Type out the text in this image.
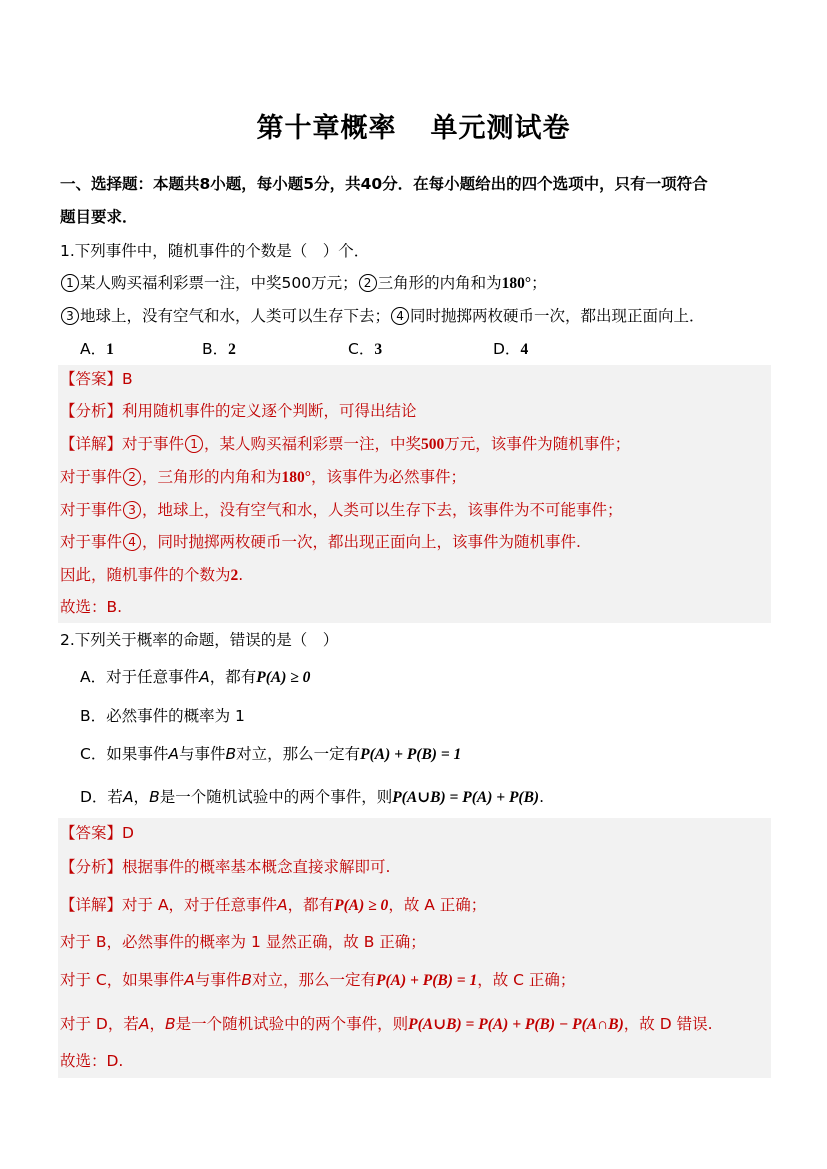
第十章概率 单元测试卷
一、选择题：本题共8小题，每小题5分，共40分．在每小题给出的四个选项中，只有一项符合
题目要求．
1.下列事件中，随机事件的个数是（　）个．
1 某人购买福利彩票一注，中奖500万元； 2 三角形的内角和为180°；
3 地球上，没有空气和水，人类可以生存下去； 4 同时抛掷两枚硬币一次，都出现正面向上．
A．1	B．2	C．3	D．4
【答案】B
【分析】利用随机事件的定义逐个判断，可得出结论
【详解】对于事件 1 ，某人购买福利彩票一注，中奖500万元，该事件为随机事件；
对于事件 2 ，三角形的内角和为180°，该事件为必然事件；
对于事件 3 ，地球上，没有空气和水，人类可以生存下去，该事件为不可能事件；
对于事件 4 ，同时抛掷两枚硬币一次，都出现正面向上，该事件为随机事件.
因此，随机事件的个数为2.
故选：B.
2.下列关于概率的命题，错误的是（　）
A．对于任意事件A，都有P(A) ≥ 0
B．必然事件的概率为 1
C．如果事件A与事件B对立，那么一定有P(A) + P(B) = 1
D．若A，B是一个随机试验中的两个事件，则P(A∪B) = P(A) + P(B).
【答案】D
【分析】根据事件的概率基本概念直接求解即可.
【详解】对于 A，对于任意事件A，都有P(A) ≥ 0，故 A 正确；
对于 B，必然事件的概率为 1 显然正确，故 B 正确；
对于 C，如果事件A与事件B对立，那么一定有P(A) + P(B) = 1，故 C 正确；
对于 D，若A，B是一个随机试验中的两个事件，则P(A∪B) = P(A) + P(B) − P(A∩B)，故 D 错误.
故选：D.
